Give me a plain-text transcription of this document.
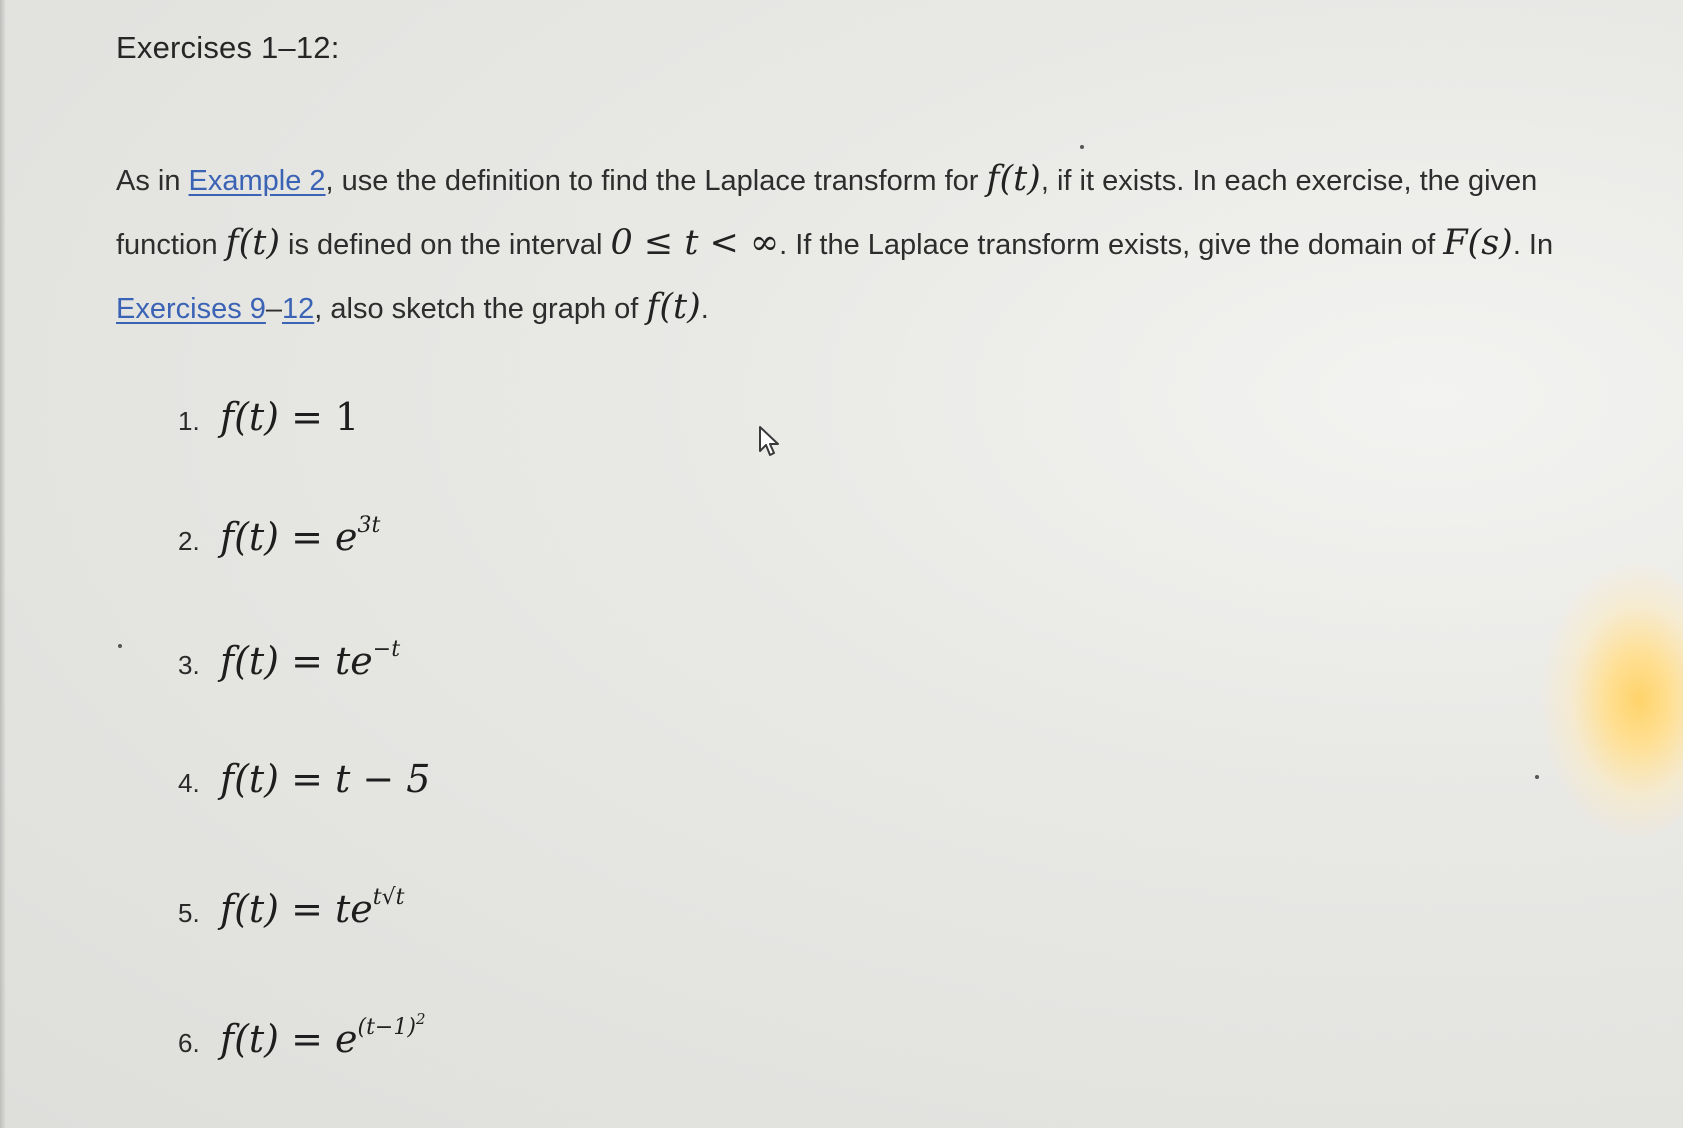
Exercises 1–12:
As in Example 2, use the definition to find the Laplace transform for f(t), if it exists. In each exercise, the given function f(t) is defined on the interval 0 ≤ t < ∞. If the Laplace transform exists, give the domain of F(s). In Exercises 9–12, also sketch the graph of f(t).
1. f(t) = 1
2. $f(t) = e^{3t}$
3. $f(t) = te^{-t}$
4. f(t) = t − 5
5. $f(t) = te^{t√t}$
6. $f(t) = e^{(t-1)^2}$
